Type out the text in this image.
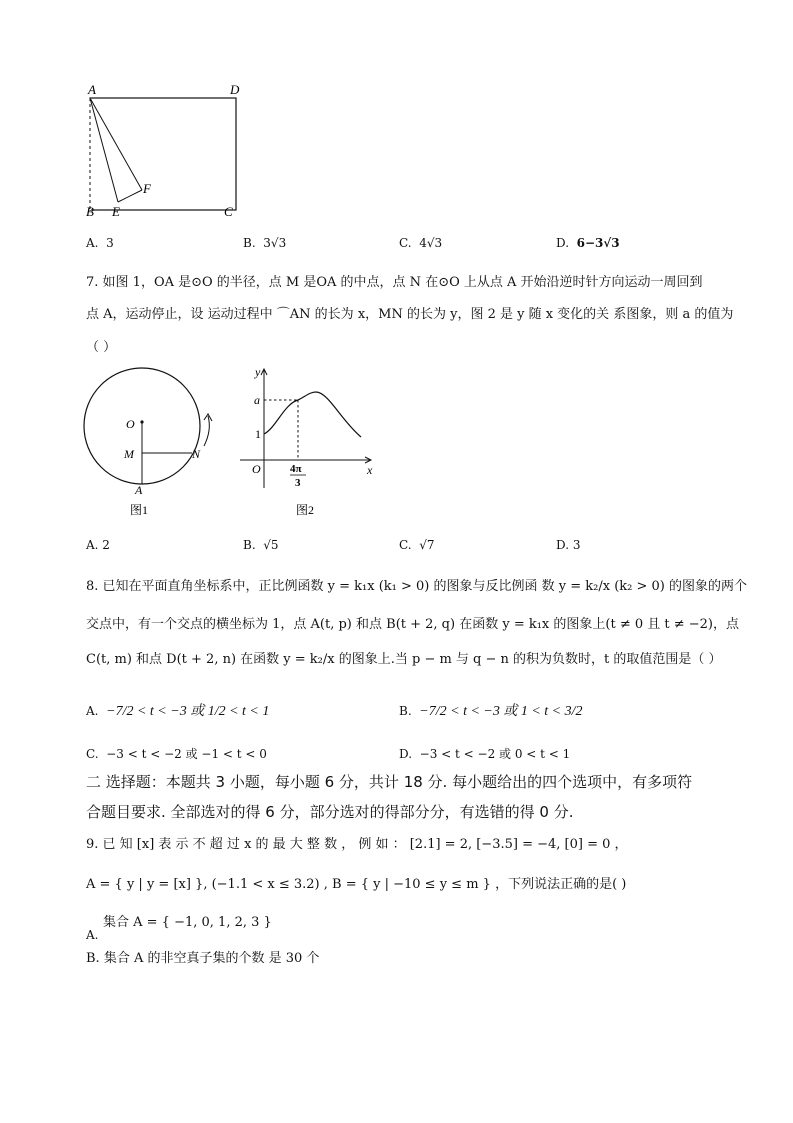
A	D
B E	C
F
A. 3	B. 3√3	C. 4√3	D. 6−3√3
7. 如图 1，OA 是⊙O 的半径，点 M 是OA 的中点，点 N 在⊙O 上从点 A 开始沿逆时针方向运动一周回到
点 A，运动停止，设 运动过程中 ⌒AN 的长为 x，MN 的长为 y，图 2 是 y 随 x 变化的关 系图象，则 a 的值为
（ ）
O
M	N
A
图1
y
a
1
O	x
4π
3
图2
A. 2	B. √5	C. √7	D. 3
8. 已知在平面直角坐标系中，正比例函数 y = k₁x (k₁ > 0) 的图象与反比例函 数 y = k₂/x (k₂ > 0) 的图象的两个
交点中，有一个交点的横坐标为 1，点 A(t, p) 和点 B(t + 2, q) 在函数 y = k₁x 的图象上(t ≠ 0 且 t ≠ −2)，点
C(t, m) 和点 D(t + 2, n) 在函数 y = k₂/x 的图象上.当 p − m 与 q − n 的积为负数时，t 的取值范围是（ ）
A. −7/2 < t < −3 或 1/2 < t < 1	B. −7/2 < t < −3 或 1 < t < 3/2
C. −3 < t < −2 或 −1 < t < 0	D. −3 < t < −2 或 0 < t < 1
二 选择题：本题共 3 小题，每小题 6 分，共计 18 分. 每小题给出的四个选项中，有多项符
合题目要求. 全部选对的得 6 分，部分选对的得部分分，有选错的得 0 分.
9. 已 知 [x] 表 示 不 超 过 x 的 最 大 整 数 ， 例 如 ： [2.1] = 2, [−3.5] = −4, [0] = 0 ，
A = { y | y = [x] }, (−1.1 < x ≤ 3.2) , B = { y | −10 ≤ y ≤ m } ，下列说法正确的是( )
集合 A = { −1, 0, 1, 2, 3 }
A.
B. 集合 A 的非空真子集的个数 是 30 个
